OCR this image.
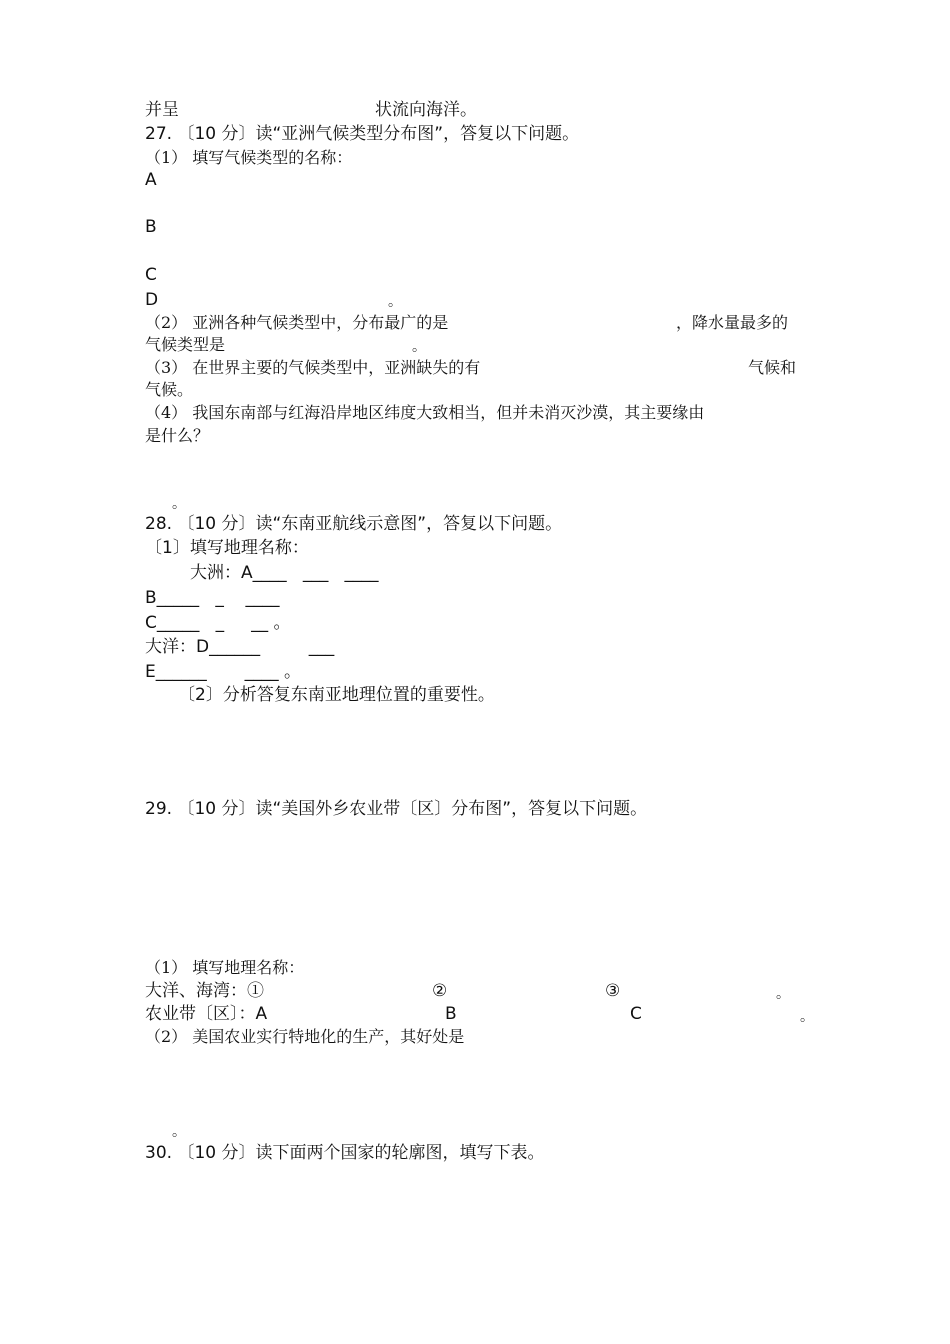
并呈	状流向海洋。
27. 〔10 分〕读“亚洲气候类型分布图”，答复以下问题。
（1） 填写气候类型的名称：
A
B
C
D	。
（2） 亚洲各种气候类型中，分布最广的是	，降水量最多的
气候类型是	。
（3） 在世界主要的气候类型中，亚洲缺失的有	气候和
气候。
（4） 我国东南部与红海沿岸地区纬度大致相当，但并未消灭沙漠，其主要缘由
是什么？
。
28. 〔10 分〕读“东南亚航线示意图”，答复以下问题。
〔1〕填写地理名称：
大洲：A____   ___   ____
B_____   _    ____
C_____   _     __ 。
大洋：D______         ___
E______       ____ 。
〔2〕分析答复东南亚地理位置的重要性。
29. 〔10 分〕读“美国外乡农业带〔区〕分布图”，答复以下问题。
（1） 填写地理名称：
大洋、海湾：①	②	③	。
农业带〔区〕：A	B	C	。
（2） 美国农业实行特地化的生产，其好处是
。
30. 〔10 分〕读下面两个国家的轮廓图，填写下表。
